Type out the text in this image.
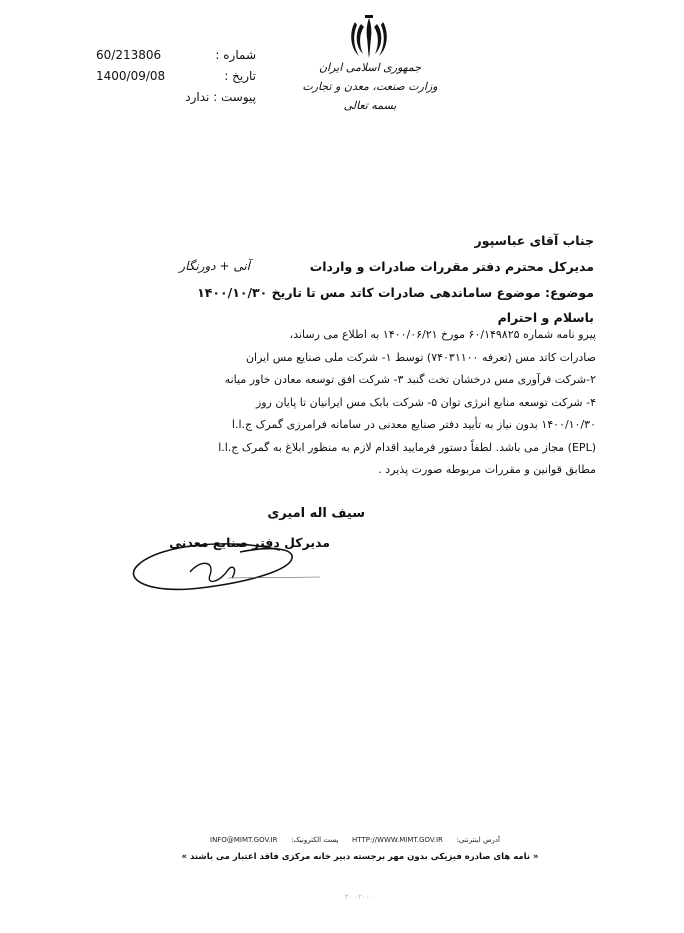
جمهوری اسلامی ایران
وزارت صنعت، معدن و تجارت
بسمه تعالی
شماره :
60/213806
تاریخ :
1400/09/08
پیوست : ندارد
جناب آقای عباسپور
مدیرکل محترم دفتر مقررات صادرات و واردات
آنی + دورنگار
موضوع: موضوع ساماندهی صادرات کاتد مس تا تاریخ ۱۴۰۰/۱۰/۳۰
باسلام و احترام
پیرو نامه شماره ۶۰/۱۴۹۸۲۵ مورخ ۱۴۰۰/۰۶/۲۱ به اطلاع می رساند،
صادرات کاتد مس (تعرفه ۷۴۰۳۱۱۰۰) توسط ۱- شرکت ملی صنایع مس ایران
۲-شرکت فرآوری مس درخشان تخت گنبد ۳- شرکت افق توسعه معادن خاور میانه
۴- شرکت توسعه منابع انرژی توان ۵- شرکت بابک مس ایرانیان تا پایان روز
۱۴۰۰/۱۰/۳۰ بدون نیاز به تأیید دفتر صنایع معدنی در سامانه فرامرزی گمرک ج.ا.ا
(EPL) مجاز می باشد. لطفاً دستور فرمایید اقدام لازم به منظور ابلاغ به گمرک ج.ا.ا
مطابق قوانین و مقررات مربوطه صورت پذیرد .
سیف اله امیری
مدیرکل دفتر صنایع معدنی
INFO@MIMT.GOV.IR پست الکترونیک: HTTP://WWW.MIMT.GOV.IR آدرس اینترنتی:
« نامه های صادره فیزیکی بدون مهر برجسته دبیر خانه مرکزی فاقد اعتبار می باشند »
۳۰ ۰۲۰۰ ۰
